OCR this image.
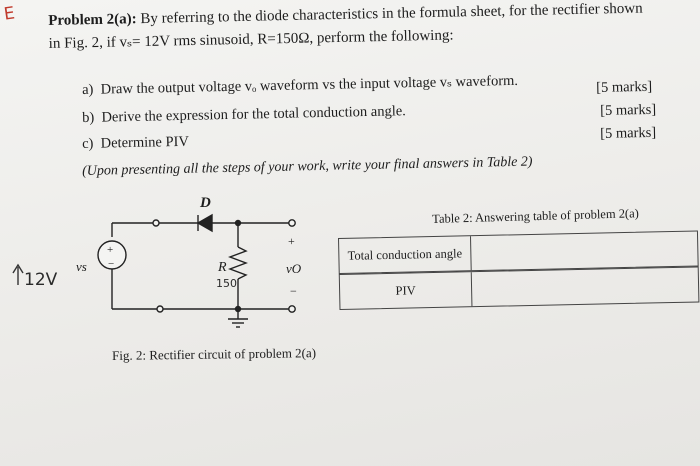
E Problem 2(a): By referring to the diode characteristics in the formula sheet, for the rectifier shown
in Fig. 2, if vₛ= 12V rms sinusoid, R=150Ω, perform the following:
a) Draw the output voltage vₒ waveform vs the input voltage vₛ waveform.	[5 marks]
b) Derive the expression for the total conduction angle.	[5 marks]
c) Determine PIV
[5 marks]
(Upon presenting all the steps of your work, write your final answers in Table 2)
D
R
vs
+
−
+
vO
−
12V	150
Fig. 2: Rectifier circuit of problem 2(a)
Table 2: Answering table of problem 2(a)
Total conduction angle
PIV
